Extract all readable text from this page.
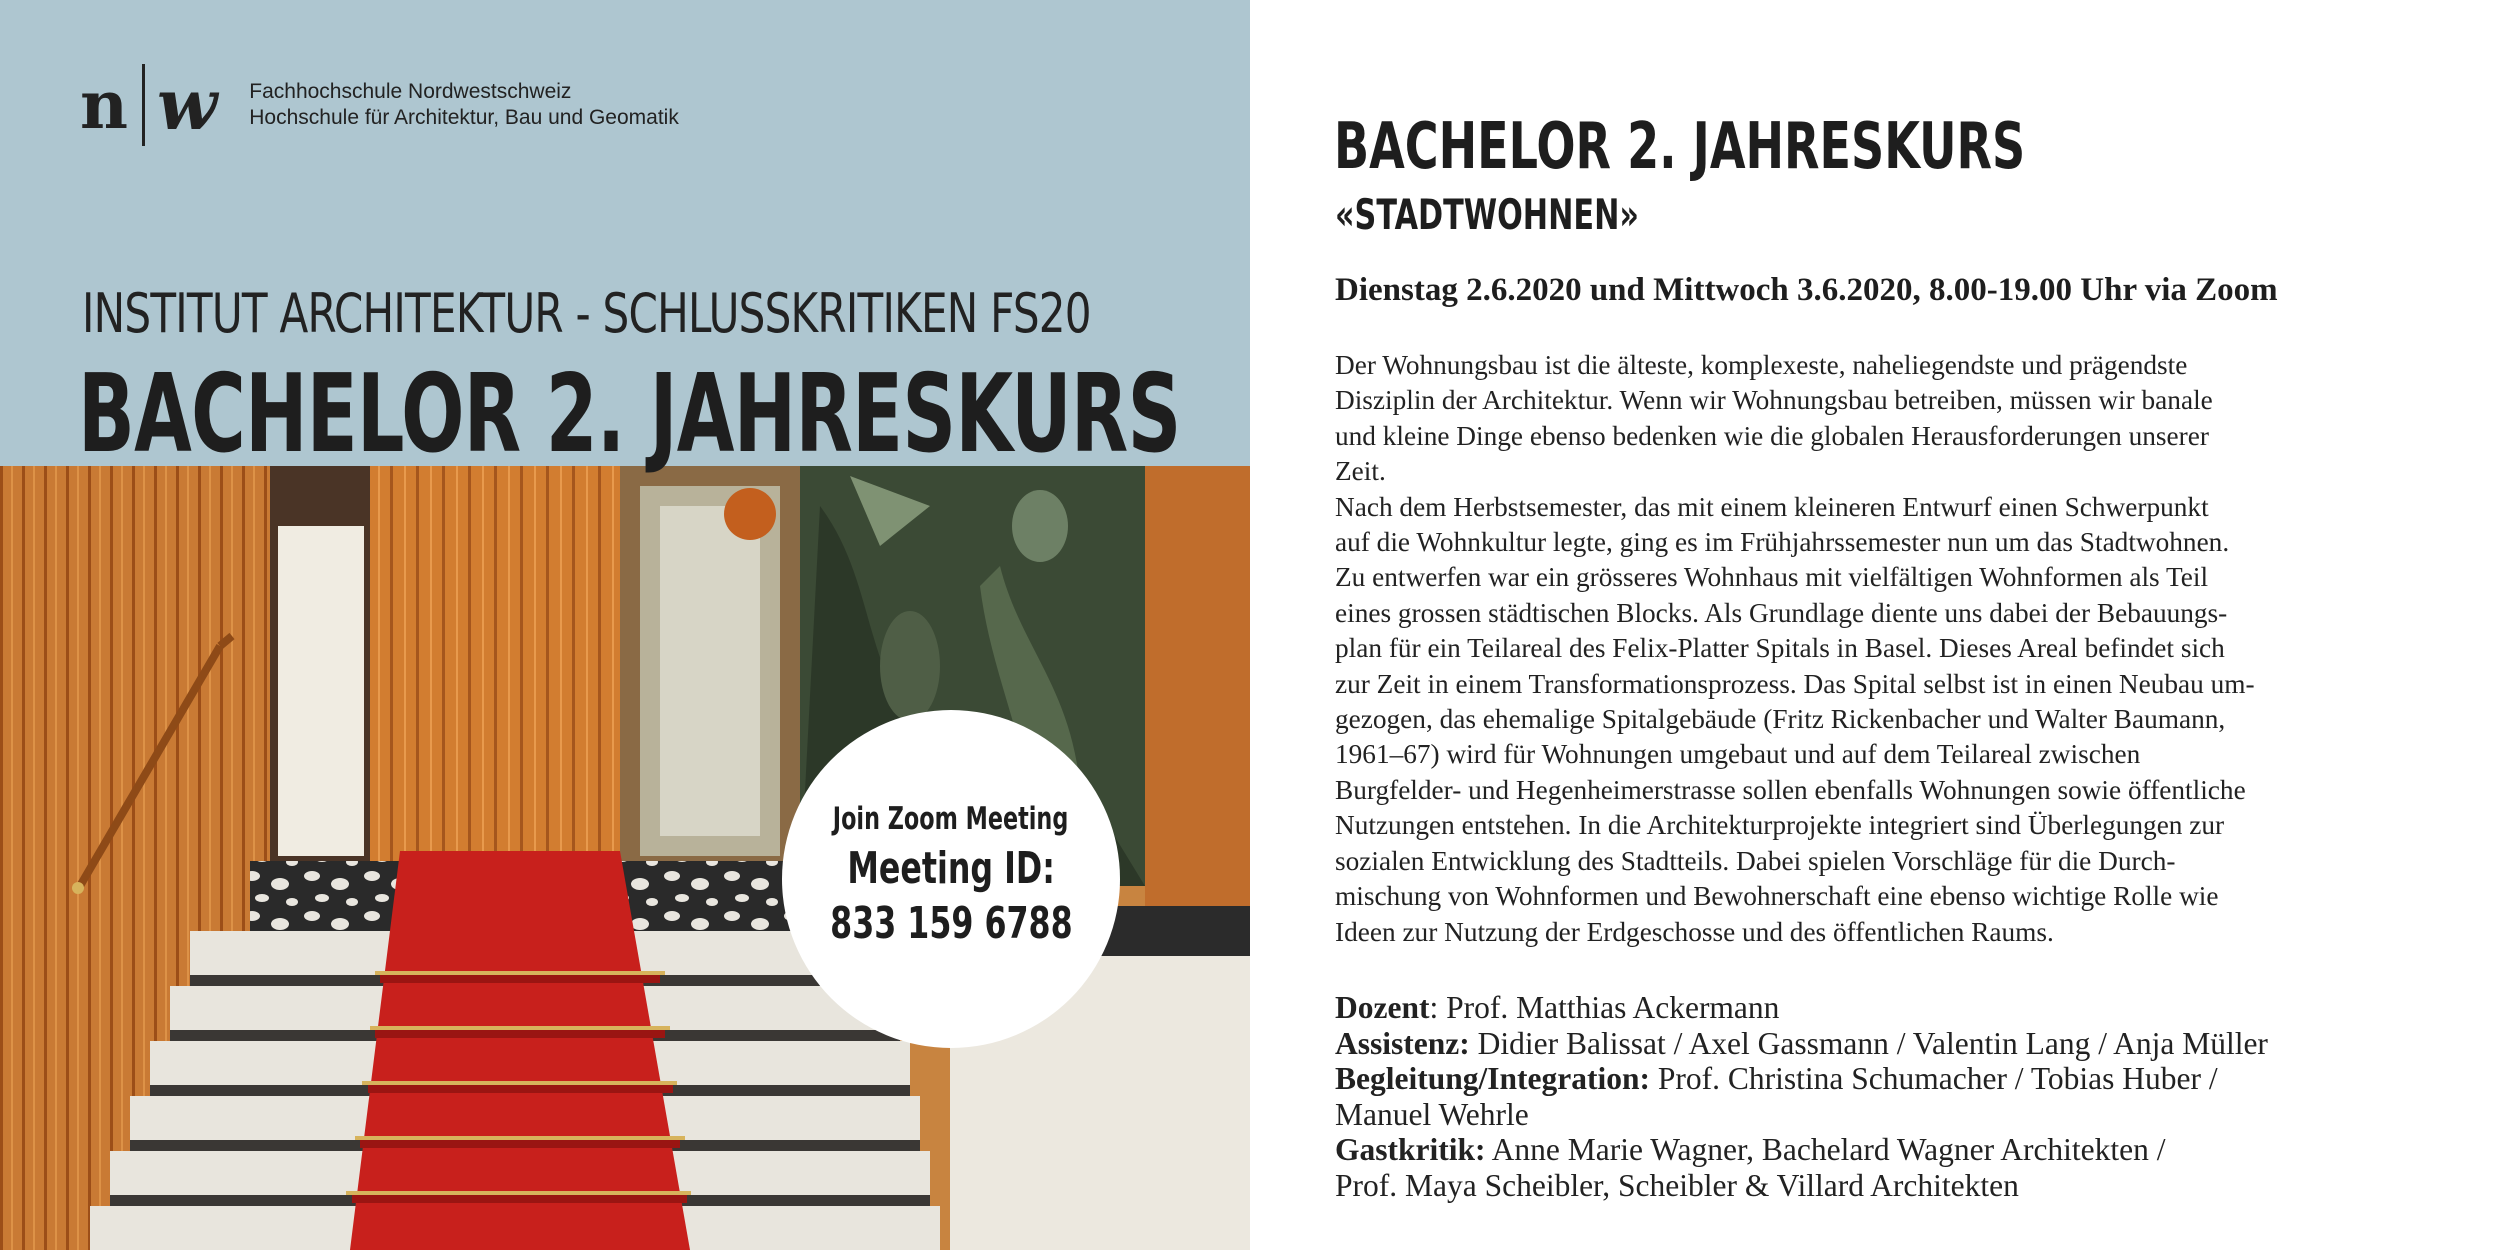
n w Fachhochschule Nordwestschweiz
Hochschule für Architektur, Bau und Geomatik
INSTITUT ARCHITEKTUR - SCHLUSSKRITIKEN FS20
BACHELOR 2. JAHRESKURS
Join Zoom Meeting
Meeting ID:
833 159 6788
BACHELOR 2. JAHRESKURS
«STADTWOHNEN»
Dienstag 2.6.2020 und Mittwoch 3.6.2020, 8.00-19.00 Uhr via Zoom
Der Wohnungsbau ist die älteste, komplexeste, naheliegendste und prägendste
Disziplin der Architektur. Wenn wir Wohnungsbau betreiben, müssen wir banale
und kleine Dinge ebenso bedenken wie die globalen Herausforderungen unserer
Zeit.
Nach dem Herbstsemester, das mit einem kleineren Entwurf einen Schwerpunkt
auf die Wohnkultur legte, ging es im Frühjahrssemester nun um das Stadtwohnen.
Zu entwerfen war ein grösseres Wohnhaus mit vielfältigen Wohnformen als Teil
eines grossen städtischen Blocks. Als Grundlage diente uns dabei der Bebauungs-
plan für ein Teilareal des Felix-Platter Spitals in Basel. Dieses Areal befindet sich
zur Zeit in einem Transformationsprozess. Das Spital selbst ist in einen Neubau um-
gezogen, das ehemalige Spitalgebäude (Fritz Rickenbacher und Walter Baumann,
1961–67) wird für Wohnungen umgebaut und auf dem Teilareal zwischen
Burgfelder- und Hegenheimerstrasse sollen ebenfalls Wohnungen sowie öffentliche
Nutzungen entstehen. In die Architekturprojekte integriert sind Überlegungen zur
sozialen Entwicklung des Stadtteils. Dabei spielen Vorschläge für die Durch-
mischung von Wohnformen und Bewohnerschaft eine ebenso wichtige Rolle wie
Ideen zur Nutzung der Erdgeschosse und des öffentlichen Raums.
Dozent: Prof. Matthias Ackermann
Assistenz: Didier Balissat / Axel Gassmann / Valentin Lang / Anja Müller
Begleitung/Integration: Prof. Christina Schumacher / Tobias Huber /
Manuel Wehrle
Gastkritik: Anne Marie Wagner, Bachelard Wagner Architekten /
Prof. Maya Scheibler, Scheibler & Villard Architekten
